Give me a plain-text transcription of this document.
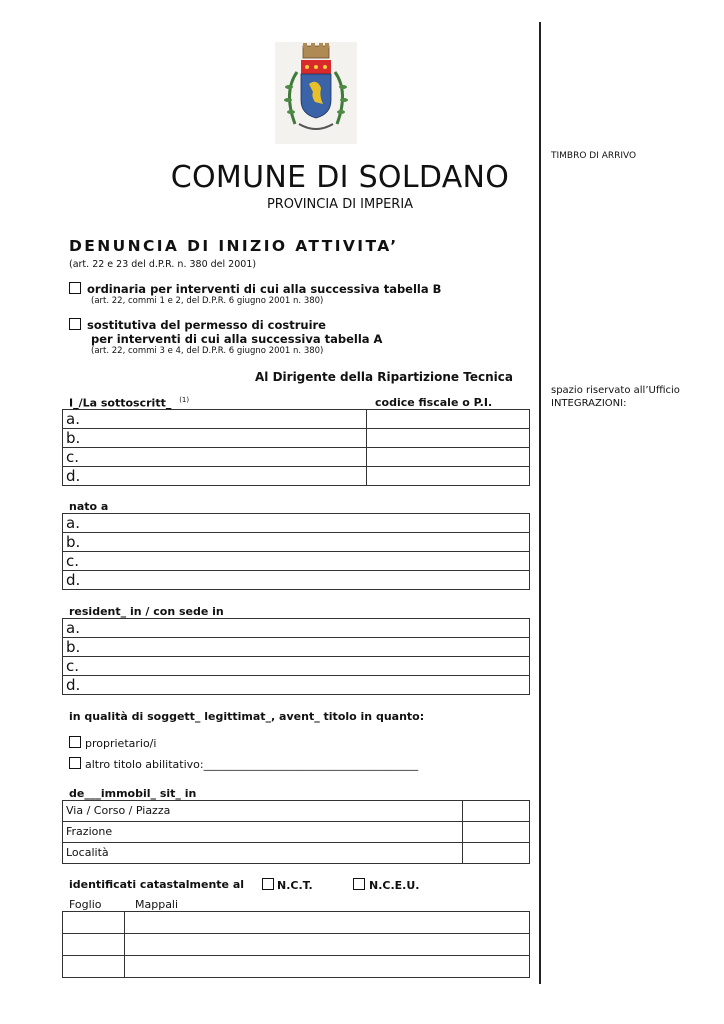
COMUNE DI SOLDANO
PROVINCIA DI IMPERIA
TIMBRO DI ARRIVO
spazio riservato all’Ufficio
INTEGRAZIONI:
DENUNCIA DI INIZIO ATTIVITA’
(art. 22 e 23 del d.P.R. n. 380 del 2001)
ordinaria per interventi di cui alla successiva tabella B
(art. 22, commi 1 e 2, del D.P.R. 6 giugno 2001 n. 380)
sostitutiva del permesso di costruire
per interventi di cui alla successiva tabella A
(art. 22, commi 3 e 4, del D.P.R. 6 giugno 2001 n. 380)
Al Dirigente della Ripartizione Tecnica
I_/La sottoscritt_ $^{(1)}$	codice fiscale o P.I.
a.	
b.	
c.	
d.	
nato a
a.
b.
c.
d.
resident_ in / con sede in
a.
b.
c.
d.
in qualità di soggett_ legittimat_, avent_ titolo in quanto:
proprietario/i
altro titolo abilitativo:_______________________________________
de___immobil_ sit_ in
Via / Corso / Piazza	
Frazione	
Località	
identificati catastalmente al	N.C.T.	N.C.E.U.
Foglio	Mappali
